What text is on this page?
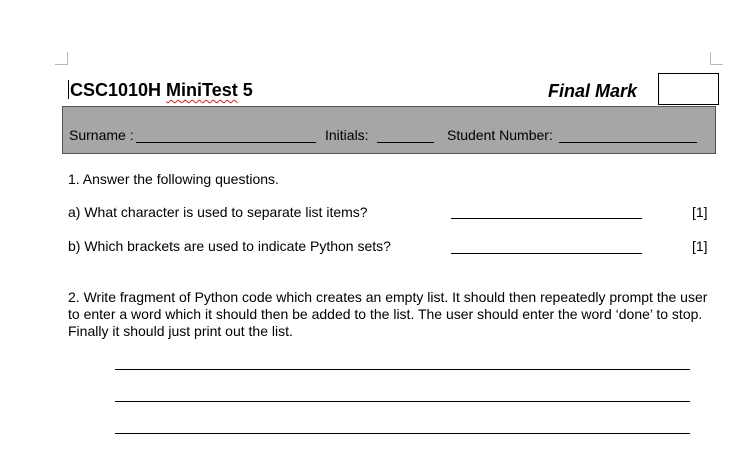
CSC1010H MiniTest 5	Final Mark
Surname :	Initials:	Student Number:
1. Answer the following questions.
a) What character is used to separate list items?	[1]
b) Which brackets are used to indicate Python sets?	[1]
2. Write fragment of Python code which creates an empty list. It should then repeatedly prompt the user to enter a word which it should then be added to the list. The user should enter the word ‘done’ to stop. Finally it should just print out the list.
